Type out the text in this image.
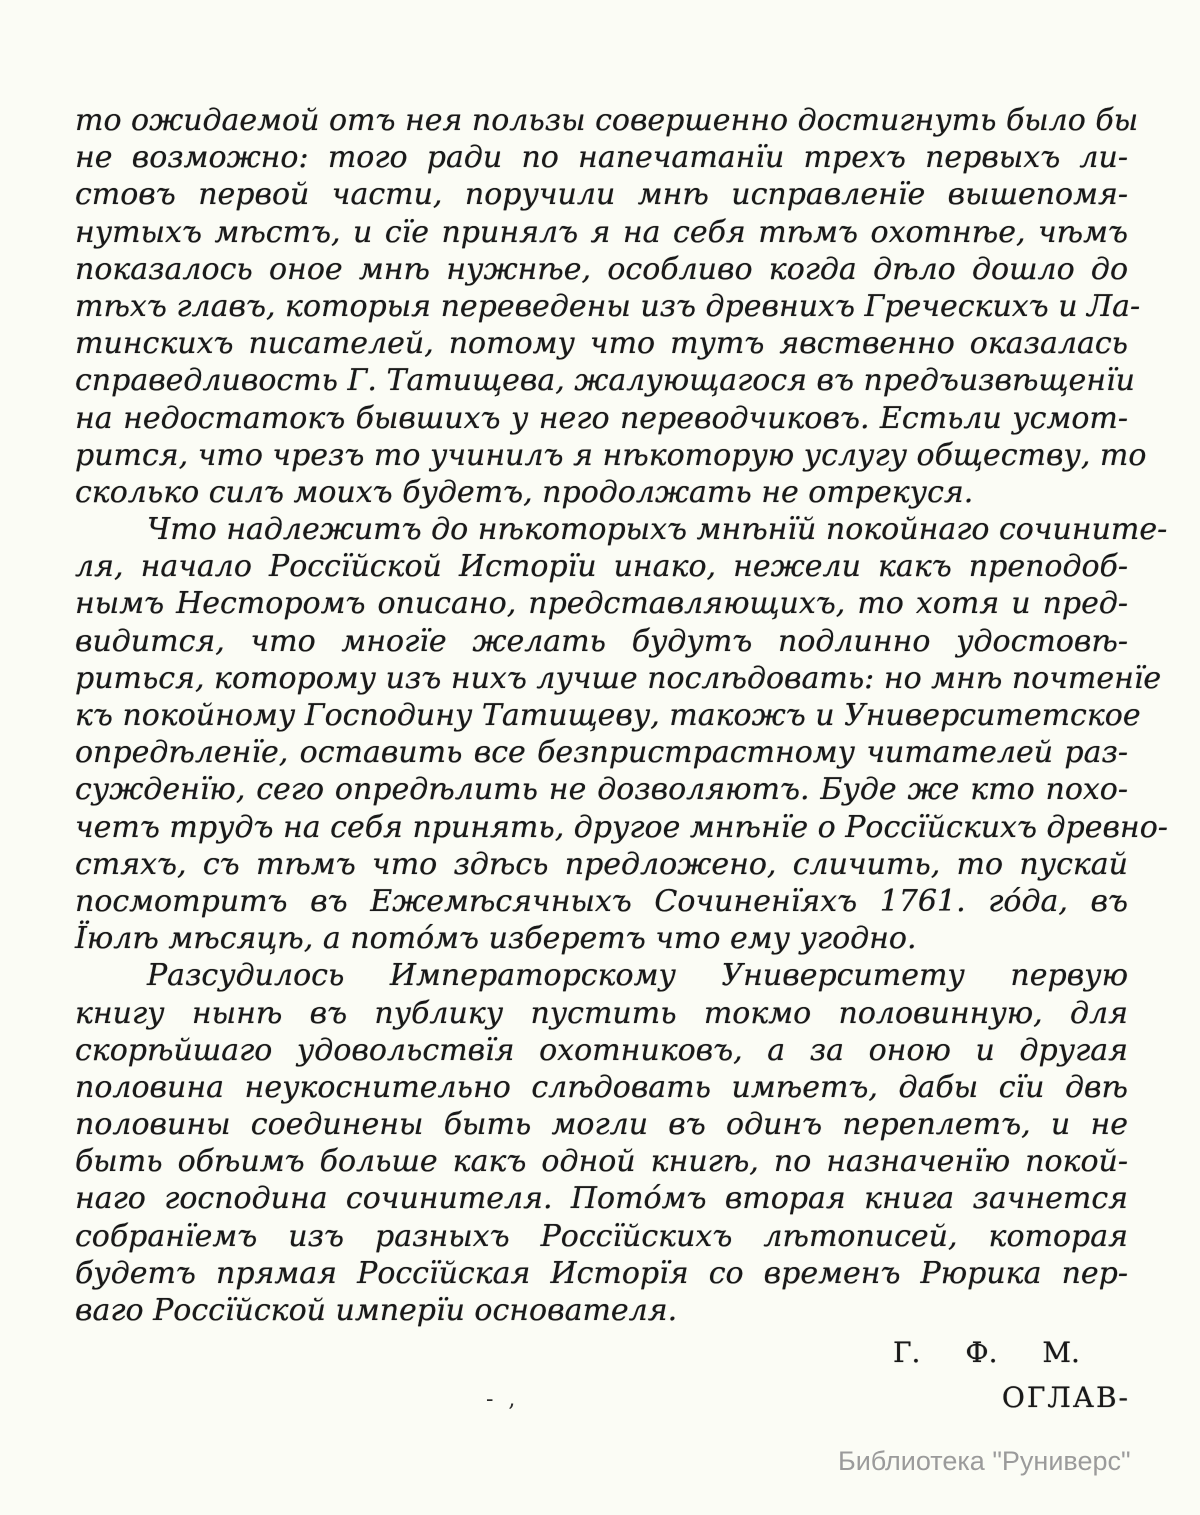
то ожидаемой отъ нея пользы совершенно достигнуть было бы
не возможно: того ради по напечатанїи трехъ первыхъ ли-
стовъ первой части, поручили мнѣ исправленїе вышепомя-
нутыхъ мѣстъ, и сїе принялъ я на себя тѣмъ охотнѣе, чѣмъ
показалось оное мнѣ нужнѣе, особливо когда дѣло дошло до
тѣхъ главъ, которыя переведены изъ древнихъ Греческихъ и Ла-
тинскихъ писателей, потому что тутъ явственно оказалась
справедливость Г. Татищева, жалующагося въ предъизвѣщенїи
на недостатокъ бывшихъ у него переводчиковъ. Естьли усмот-
рится, что чрезъ то учинилъ я нѣкоторую услугу обществу, то
сколько силъ моихъ будетъ, продолжать не отрекуся.
Что надлежитъ до нѣкоторыхъ мнѣнїй покойнаго сочините-
ля, начало Россїйской Исторїи инако, нежели какъ преподоб-
нымъ Несторомъ описано, представляющихъ, то хотя и пред-
видится, что многїе желать будутъ подлинно удостовѣ-
риться, которому изъ нихъ лучше послѣдовать: но мнѣ почтенїе
къ покойному Господину Татищеву, такожъ и Университетское
опредѣленїе, оставить все безпристрастному читателей раз-
сужденїю, сего опредѣлить не дозволяютъ. Буде же кто похо-
четъ трудъ на себя принять, другое мнѣнїе о Россїйскихъ древно-
стяхъ, съ тѣмъ что здѣсь предложено, сличить, то пускай
посмотритъ въ Ежемѣсячныхъ Сочиненїяхъ 1761. го́да, въ
Їюлѣ мѣсяцѣ, а пото́мъ изберетъ что ему угодно.
Разсудилось Императорскому Университету первую
книгу нынѣ въ публику пустить токмо половинную, для
скорѣйшаго удовольствїя охотниковъ, а за оною и другая
половина неукоснительно слѣдовать имѣетъ, дабы сїи двѣ
половины соединены быть могли въ одинъ переплетъ, и не
быть обѣимъ больше какъ одной книгѣ, по назначенїю покой-
наго господина сочинителя. Пото́мъ вторая книга зачнется
собранїемъ изъ разныхъ Россїйскихъ лѣтописей, которая
будетъ прямая Россїйская Исторїя со временъ Рюрика пер-
ваго Россїйской имперїи основателя.
Г. Ф. М.
ОГЛАВ-
- ,
Библиотека "Руниверс"
